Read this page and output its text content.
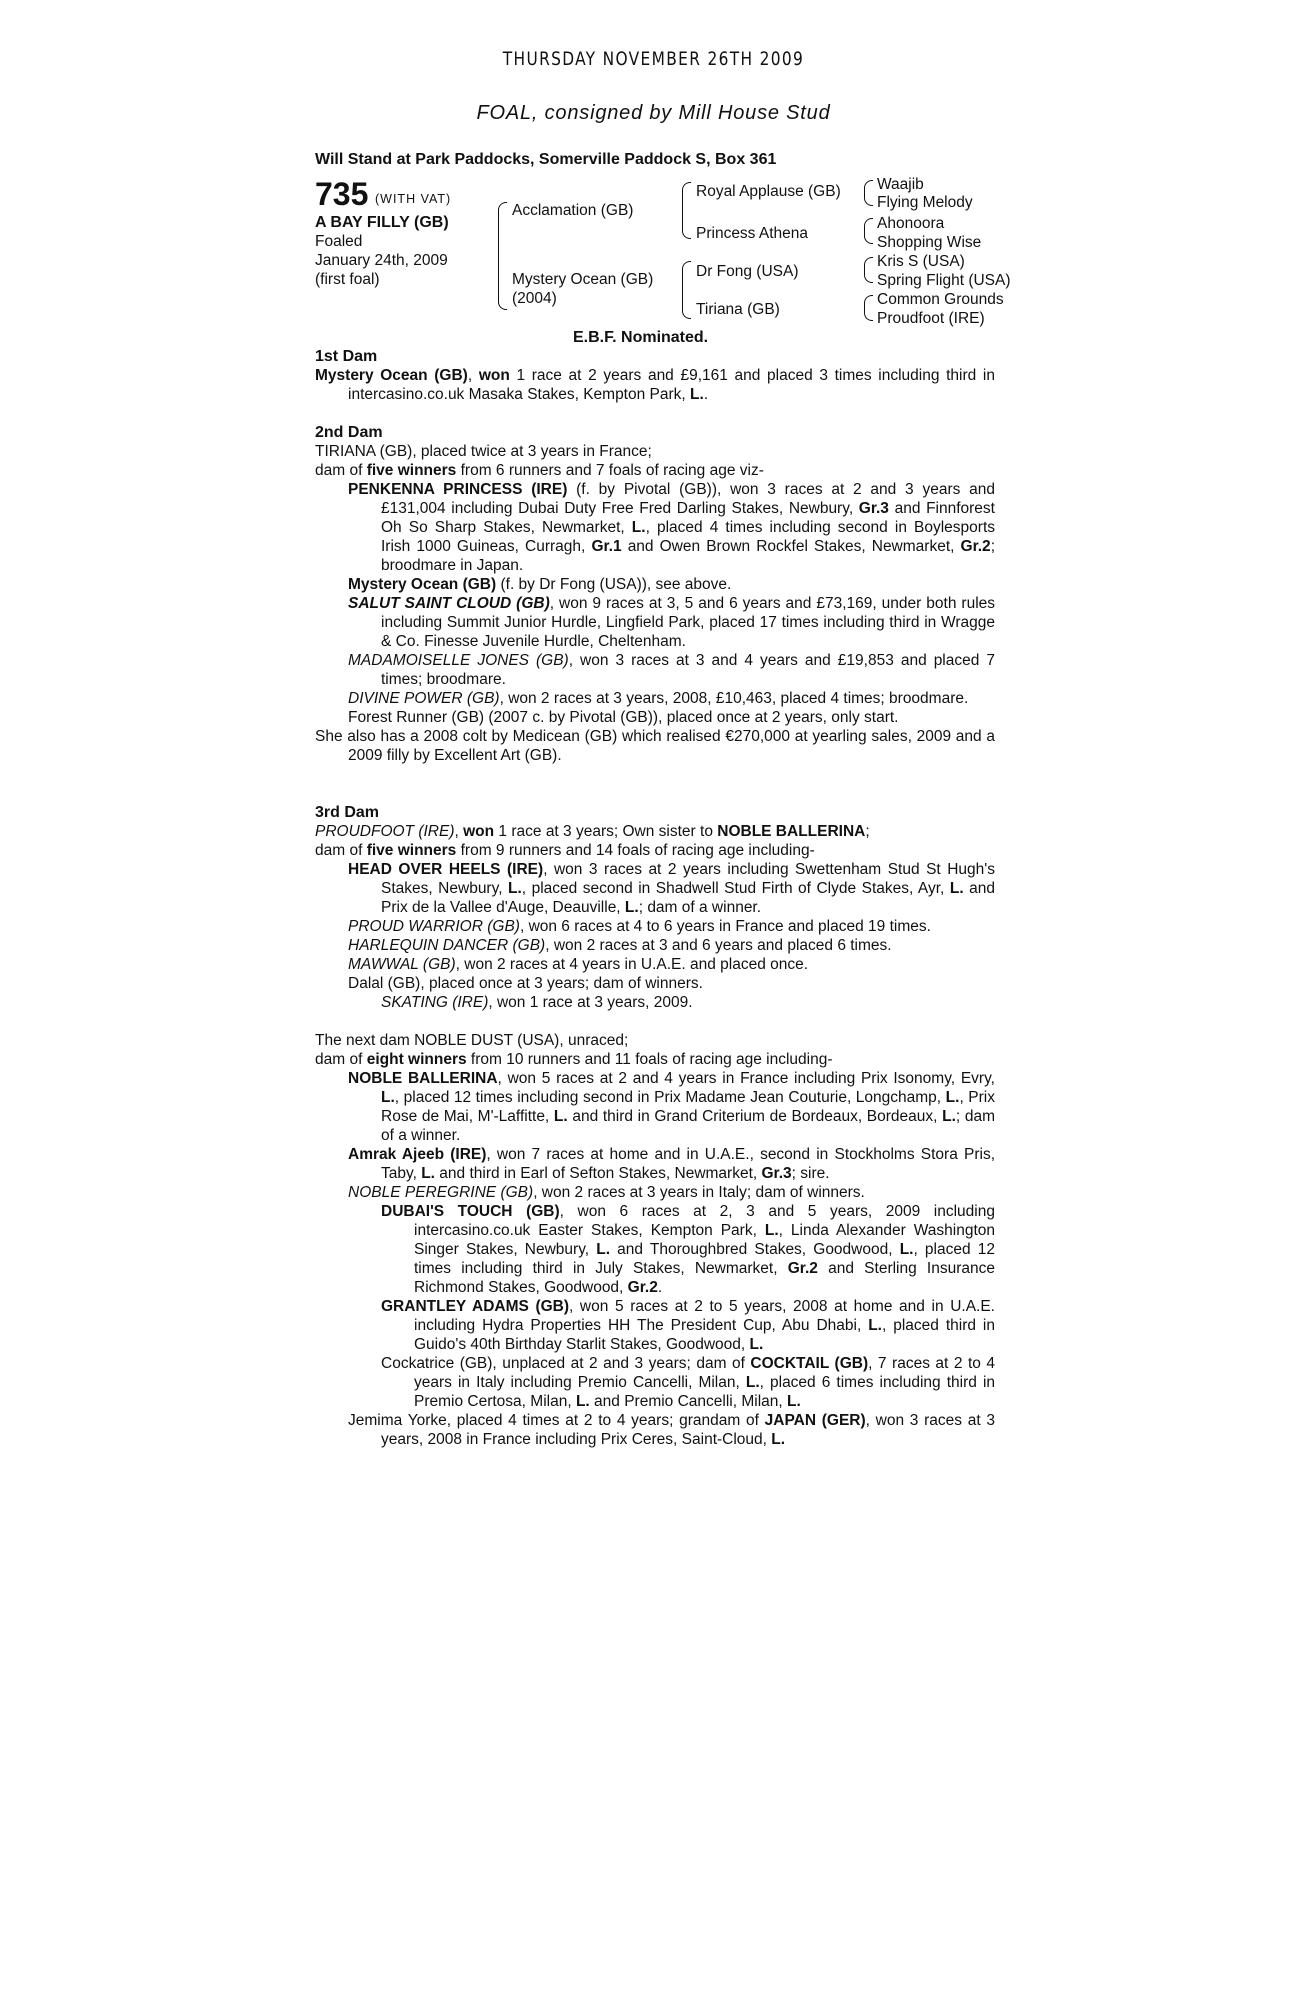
THURSDAY NOVEMBER 26TH 2009
FOAL, consigned by Mill House Stud
Will Stand at Park Paddocks, Somerville Paddock S, Box 361
735 (WITH VAT)
A BAY FILLY (GB)
Foaled
January 24th, 2009
(first foal)
Acclamation (GB)
Mystery Ocean (GB)
(2004)
Royal Applause (GB)
Princess Athena
Dr Fong (USA)
Tiriana (GB)
Waajib
Flying Melody
Ahonoora
Shopping Wise
Kris S (USA)
Spring Flight (USA)
Common Grounds
Proudfoot (IRE)
E.B.F. Nominated.
1st Dam
Mystery Ocean (GB), won 1 race at 2 years and £9,161 and placed 3 times including third in intercasino.co.uk Masaka Stakes, Kempton Park, L..
2nd Dam
TIRIANA (GB), placed twice at 3 years in France;
dam of five winners from 6 runners and 7 foals of racing age viz-
PENKENNA PRINCESS (IRE) (f. by Pivotal (GB)), won 3 races at 2 and 3 years and £131,004 including Dubai Duty Free Fred Darling Stakes, Newbury, Gr.3 and Finnforest Oh So Sharp Stakes, Newmarket, L., placed 4 times including second in Boylesports Irish 1000 Guineas, Curragh, Gr.1 and Owen Brown Rockfel Stakes, Newmarket, Gr.2; broodmare in Japan.
Mystery Ocean (GB) (f. by Dr Fong (USA)), see above.
SALUT SAINT CLOUD (GB), won 9 races at 3, 5 and 6 years and £73,169, under both rules including Summit Junior Hurdle, Lingfield Park, placed 17 times including third in Wragge & Co. Finesse Juvenile Hurdle, Cheltenham.
MADAMOISELLE JONES (GB), won 3 races at 3 and 4 years and £19,853 and placed 7 times; broodmare.
DIVINE POWER (GB), won 2 races at 3 years, 2008, £10,463, placed 4 times; broodmare.
Forest Runner (GB) (2007 c. by Pivotal (GB)), placed once at 2 years, only start.
She also has a 2008 colt by Medicean (GB) which realised €270,000 at yearling sales, 2009 and a 2009 filly by Excellent Art (GB).
3rd Dam
PROUDFOOT (IRE), won 1 race at 3 years; Own sister to NOBLE BALLERINA;
dam of five winners from 9 runners and 14 foals of racing age including-
HEAD OVER HEELS (IRE), won 3 races at 2 years including Swettenham Stud St Hugh's Stakes, Newbury, L., placed second in Shadwell Stud Firth of Clyde Stakes, Ayr, L. and Prix de la Vallee d'Auge, Deauville, L.; dam of a winner.
PROUD WARRIOR (GB), won 6 races at 4 to 6 years in France and placed 19 times.
HARLEQUIN DANCER (GB), won 2 races at 3 and 6 years and placed 6 times.
MAWWAL (GB), won 2 races at 4 years in U.A.E. and placed once.
Dalal (GB), placed once at 3 years; dam of winners.
SKATING (IRE), won 1 race at 3 years, 2009.
The next dam NOBLE DUST (USA), unraced;
dam of eight winners from 10 runners and 11 foals of racing age including-
NOBLE BALLERINA, won 5 races at 2 and 4 years in France including Prix Isonomy, Evry, L., placed 12 times including second in Prix Madame Jean Couturie, Longchamp, L., Prix Rose de Mai, M'-Laffitte, L. and third in Grand Criterium de Bordeaux, Bordeaux, L.; dam of a winner.
Amrak Ajeeb (IRE), won 7 races at home and in U.A.E., second in Stockholms Stora Pris, Taby, L. and third in Earl of Sefton Stakes, Newmarket, Gr.3; sire.
NOBLE PEREGRINE (GB), won 2 races at 3 years in Italy; dam of winners.
DUBAI'S TOUCH (GB), won 6 races at 2, 3 and 5 years, 2009 including intercasino.co.uk Easter Stakes, Kempton Park, L., Linda Alexander Washington Singer Stakes, Newbury, L. and Thoroughbred Stakes, Goodwood, L., placed 12 times including third in July Stakes, Newmarket, Gr.2 and Sterling Insurance Richmond Stakes, Goodwood, Gr.2.
GRANTLEY ADAMS (GB), won 5 races at 2 to 5 years, 2008 at home and in U.A.E. including Hydra Properties HH The President Cup, Abu Dhabi, L., placed third in Guido's 40th Birthday Starlit Stakes, Goodwood, L.
Cockatrice (GB), unplaced at 2 and 3 years; dam of COCKTAIL (GB), 7 races at 2 to 4 years in Italy including Premio Cancelli, Milan, L., placed 6 times including third in Premio Certosa, Milan, L. and Premio Cancelli, Milan, L.
Jemima Yorke, placed 4 times at 2 to 4 years; grandam of JAPAN (GER), won 3 races at 3 years, 2008 in France including Prix Ceres, Saint-Cloud, L.
